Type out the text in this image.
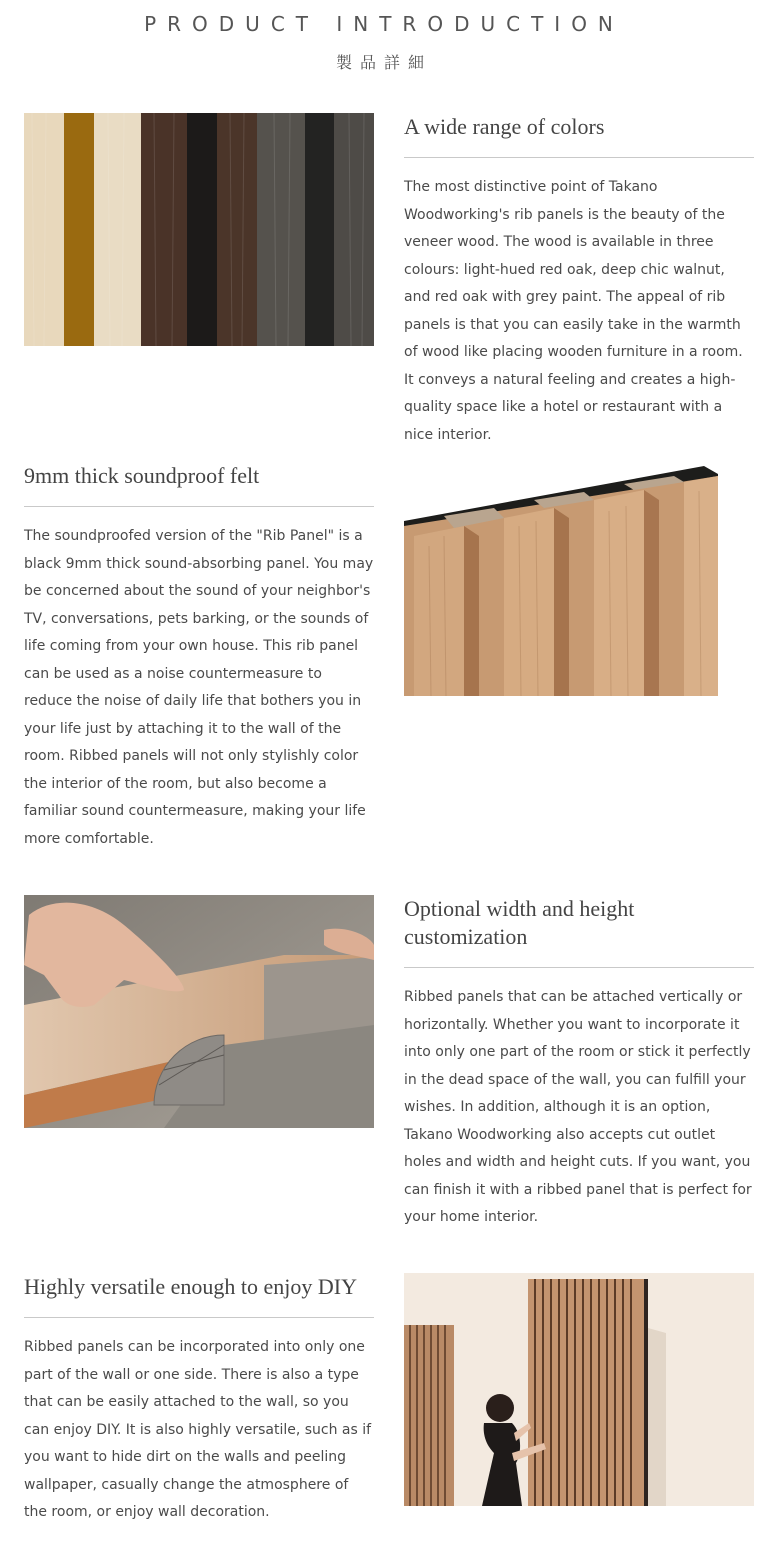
PRODUCT INTRODUCTION
製品詳細
A wide range of colors

The most distinctive point of Takano Woodworking's rib panels is the beauty of the veneer wood. The wood is available in three colours: light-hued red oak, deep chic walnut, and red oak with grey paint. The appeal of rib panels is that you can easily take in the warmth of wood like placing wooden furniture in a room. It conveys a natural feeling and creates a high-quality space like a hotel or restaurant with a nice interior.

9mm thick soundproof felt

The soundproofed version of the "Rib Panel" is a black 9mm thick sound-absorbing panel. You may be concerned about the sound of your neighbor's TV, conversations, pets barking, or the sounds of life coming from your own house. This rib panel can be used as a noise countermeasure to reduce the noise of daily life that bothers you in your life just by attaching it to the wall of the room. Ribbed panels will not only stylishly color the interior of the room, but also become a familiar sound countermeasure, making your life more comfortable.

Optional width and height customization

Ribbed panels that can be attached vertically or horizontally. Whether you want to incorporate it into only one part of the room or stick it perfectly in the dead space of the wall, you can fulfill your wishes. In addition, although it is an option, Takano Woodworking also accepts cut outlet holes and width and height cuts. If you want, you can finish it with a ribbed panel that is perfect for your home interior.

Highly versatile enough to enjoy DIY

Ribbed panels can be incorporated into only one part of the wall or one side. There is also a type that can be easily attached to the wall, so you can enjoy DIY. It is also highly versatile, such as if you want to hide dirt on the walls and peeling wallpaper, casually change the atmosphere of the room, or enjoy wall decoration.
